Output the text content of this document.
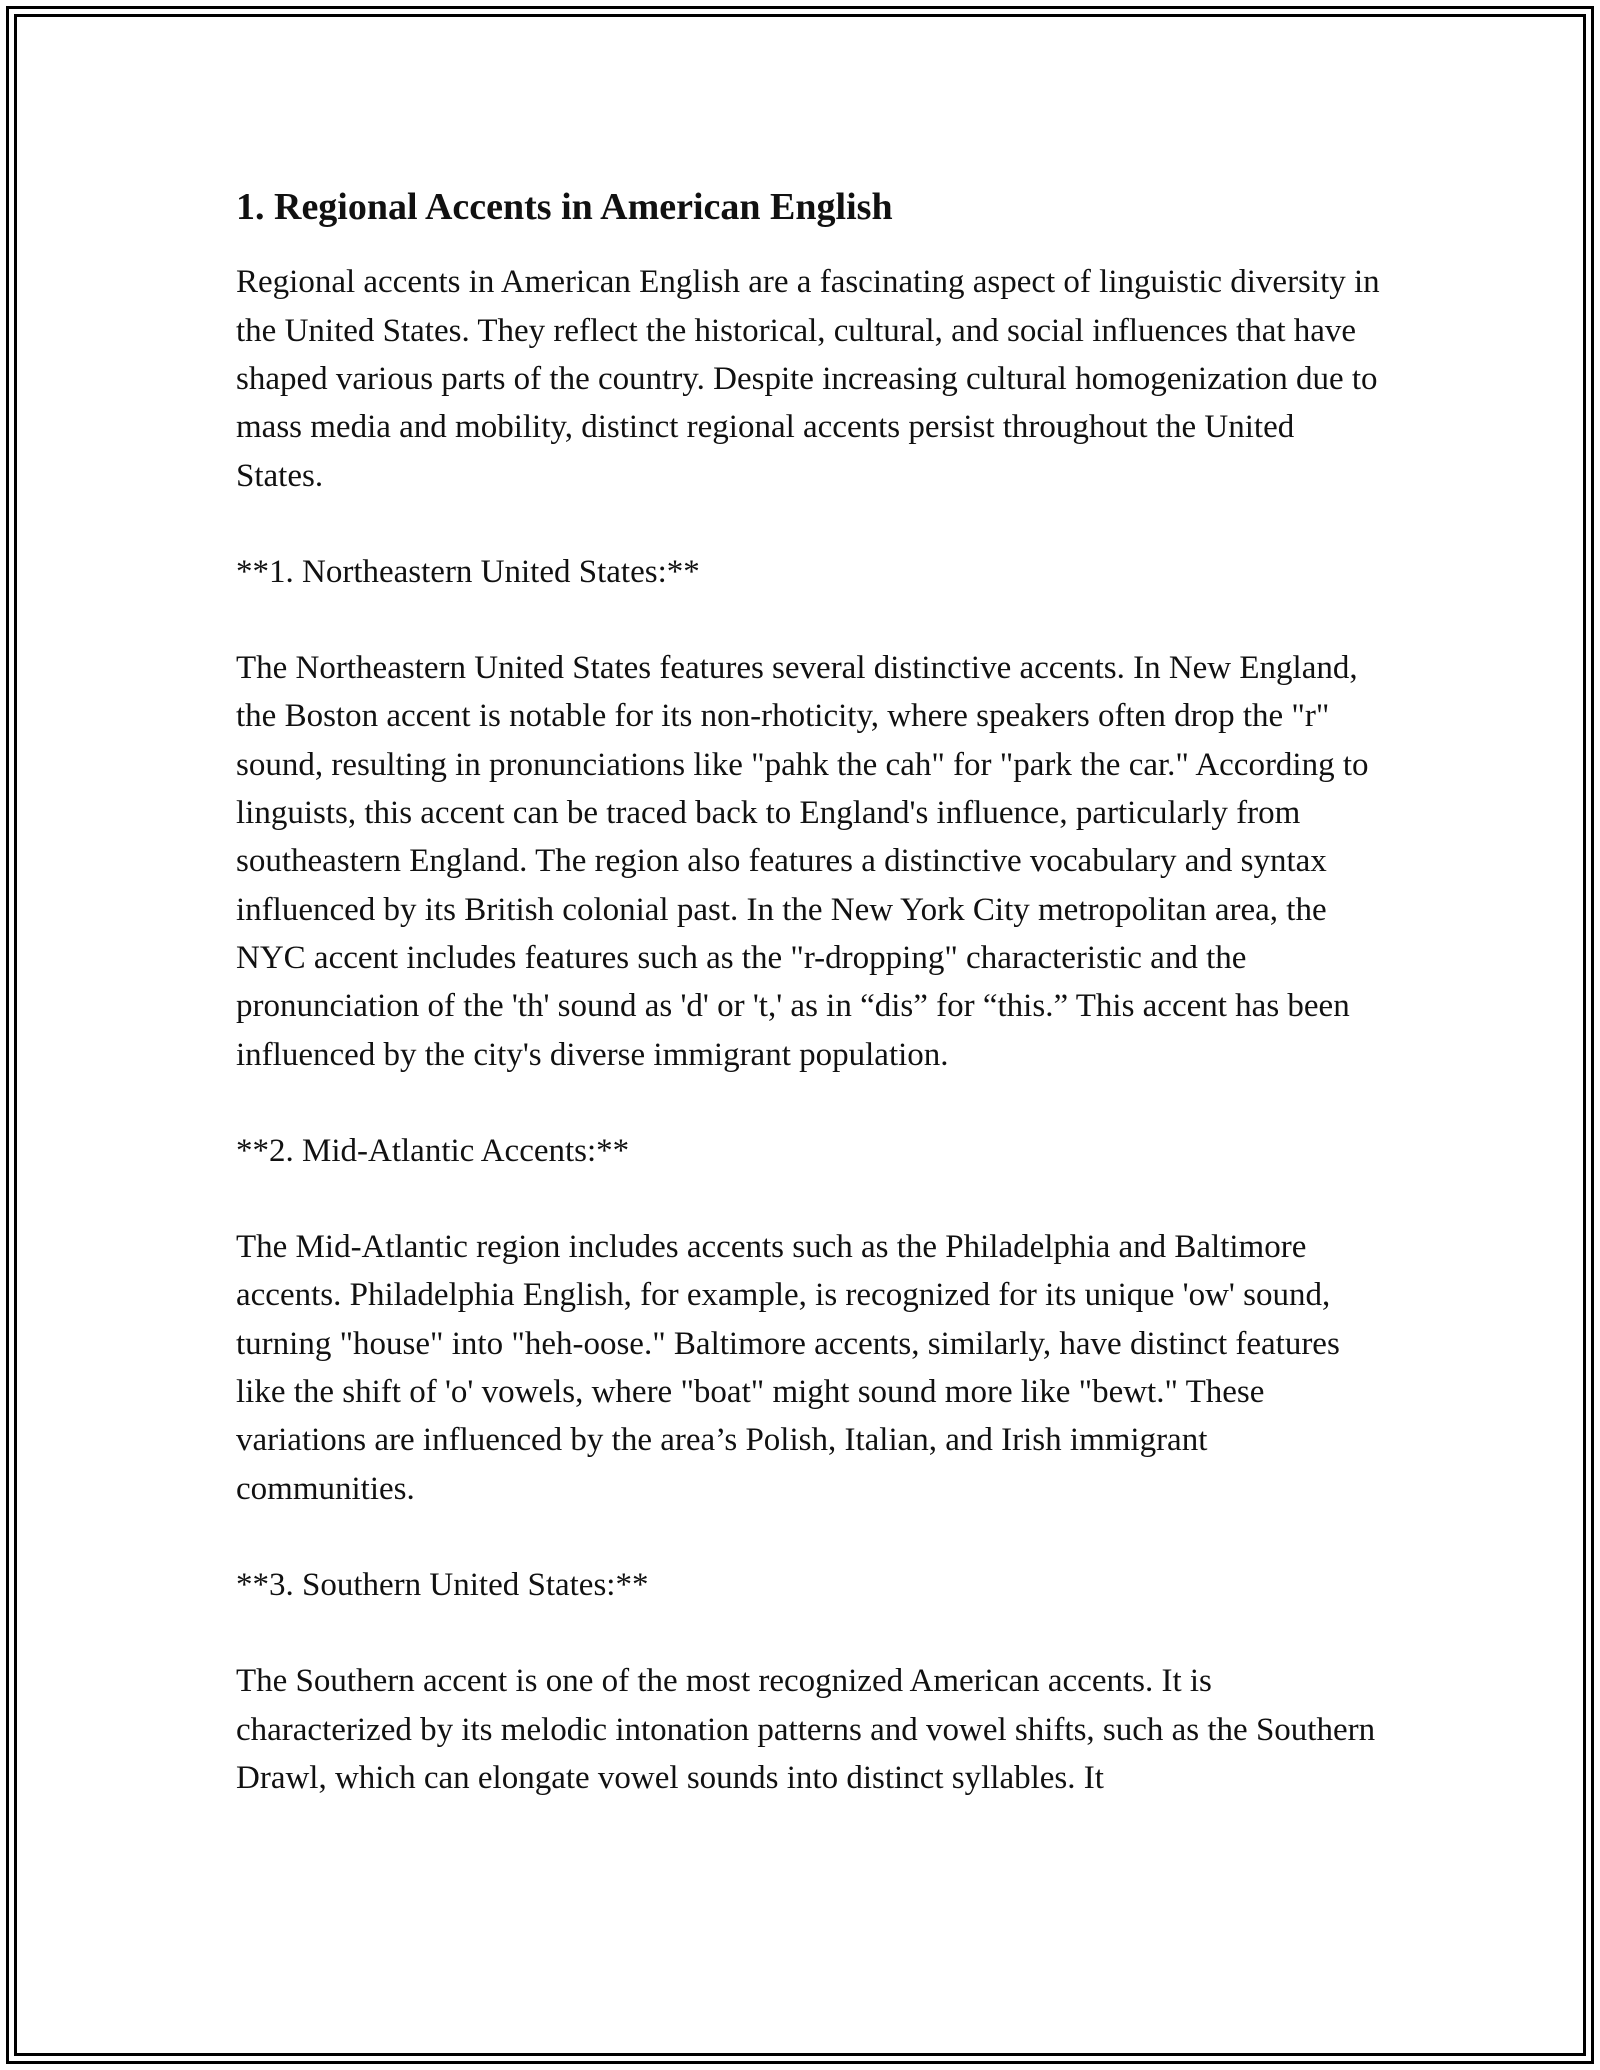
1. Regional Accents in American English

Regional accents in American English are a fascinating aspect of linguistic diversity in the United States. They reflect the historical, cultural, and social influences that have shaped various parts of the country. Despite increasing cultural homogenization due to mass media and mobility, distinct regional accents persist throughout the United States.

**1. Northeastern United States:**

The Northeastern United States features several distinctive accents. In New England, the Boston accent is notable for its non-rhoticity, where speakers often drop the "r" sound, resulting in pronunciations like "pahk the cah" for "park the car." According to linguists, this accent can be traced back to England's influence, particularly from southeastern England. The region also features a distinctive vocabulary and syntax influenced by its British colonial past. In the New York City metropolitan area, the NYC accent includes features such as the "r-dropping" characteristic and the pronunciation of the 'th' sound as 'd' or 't,' as in “dis” for “this.” This accent has been influenced by the city's diverse immigrant population.

**2. Mid-Atlantic Accents:**

The Mid-Atlantic region includes accents such as the Philadelphia and Baltimore accents. Philadelphia English, for example, is recognized for its unique 'ow' sound, turning "house" into "heh-oose." Baltimore accents, similarly, have distinct features like the shift of 'o' vowels, where "boat" might sound more like "bewt." These variations are influenced by the area’s Polish, Italian, and Irish immigrant communities.

**3. Southern United States:**

The Southern accent is one of the most recognized American accents. It is characterized by its melodic intonation patterns and vowel shifts, such as the Southern Drawl, which can elongate vowel sounds into distinct syllables. It
